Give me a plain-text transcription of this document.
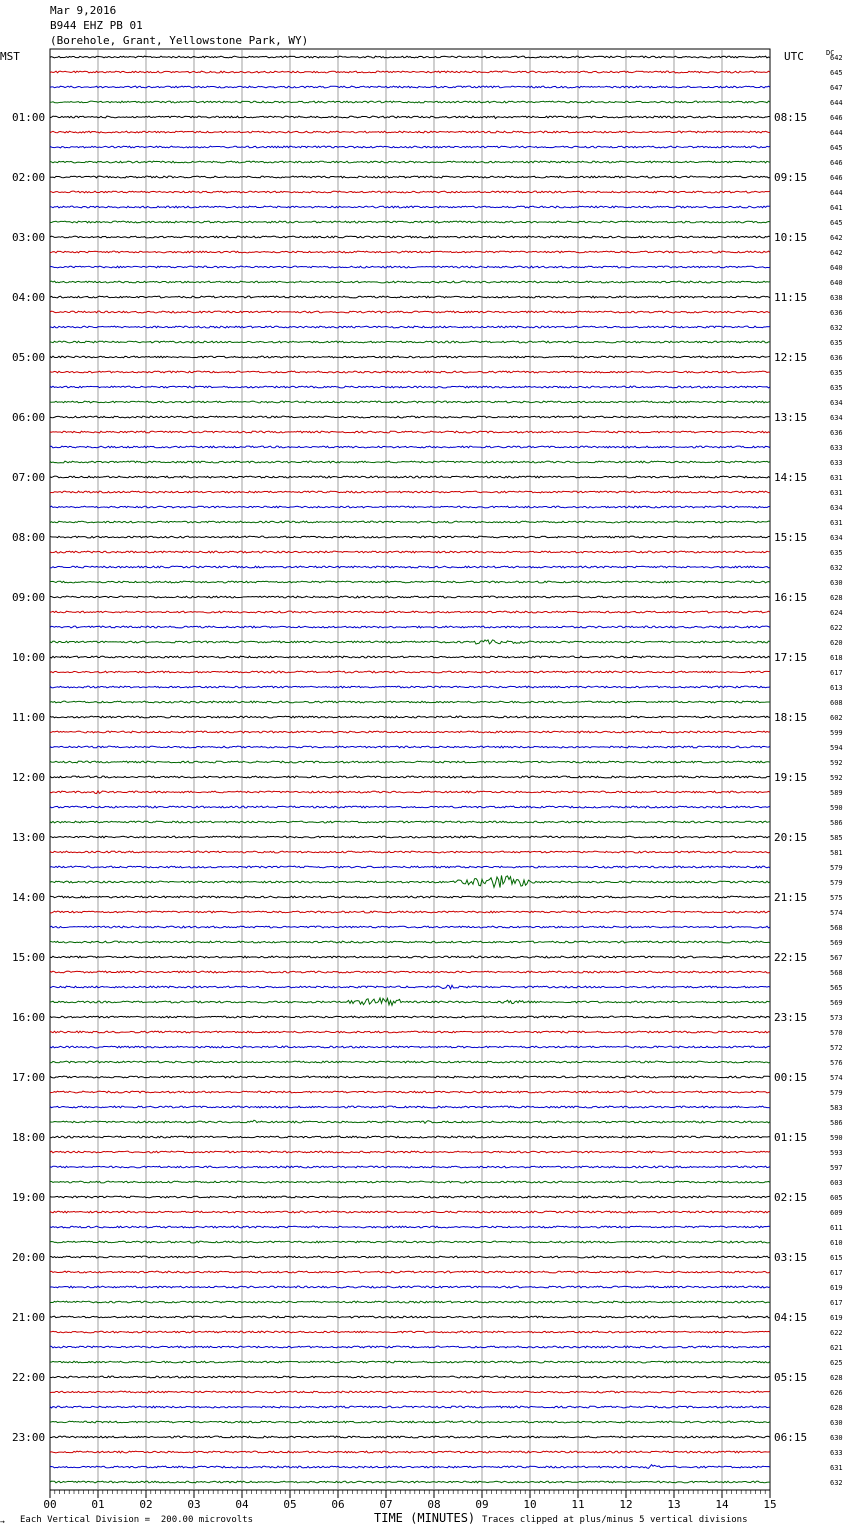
Mar 9,2016
B944 EHZ PB 01
(Borehole, Grant, Yellowstone Park, WY)
MST	UTC	DC
642
645
647
644
646
644
645
646
646
644
641
645
642
642
640
640
638
636
632
635
636
635
635
634
634
636
633
633
631
631
634
631
634
635
632
630
628
624
622
620
618
617
613
608
602
599
594
592
592
589
590
586
585
581
579
579
575
574
568
569
567
568
565
569
573
570
572
576
574
579
583
586
590
593
597
603
605
609
611
610
615
617
619
617
619
622
621
625
628
626
628
630
630
633
631
632
01:00
02:00
03:00
04:00
05:00
06:00
07:00
08:00
09:00
10:00
11:00
12:00
13:00
14:00
15:00
16:00
17:00
18:00
19:00
20:00
21:00
22:00
23:00
08:15
09:15
10:15
11:15
12:15
13:15
14:15
15:15
16:15
17:15
18:15
19:15
20:15
21:15
22:15
23:15
00:15
01:15
02:15
03:15
04:15
05:15
06:15
00	01	02	03	04	05	06	07	08	09	10	11	12	13	14	15
→ Each Vertical Division =  200.00 microvolts	TIME (MINUTES) Traces clipped at plus/minus 5 vertical divisions
